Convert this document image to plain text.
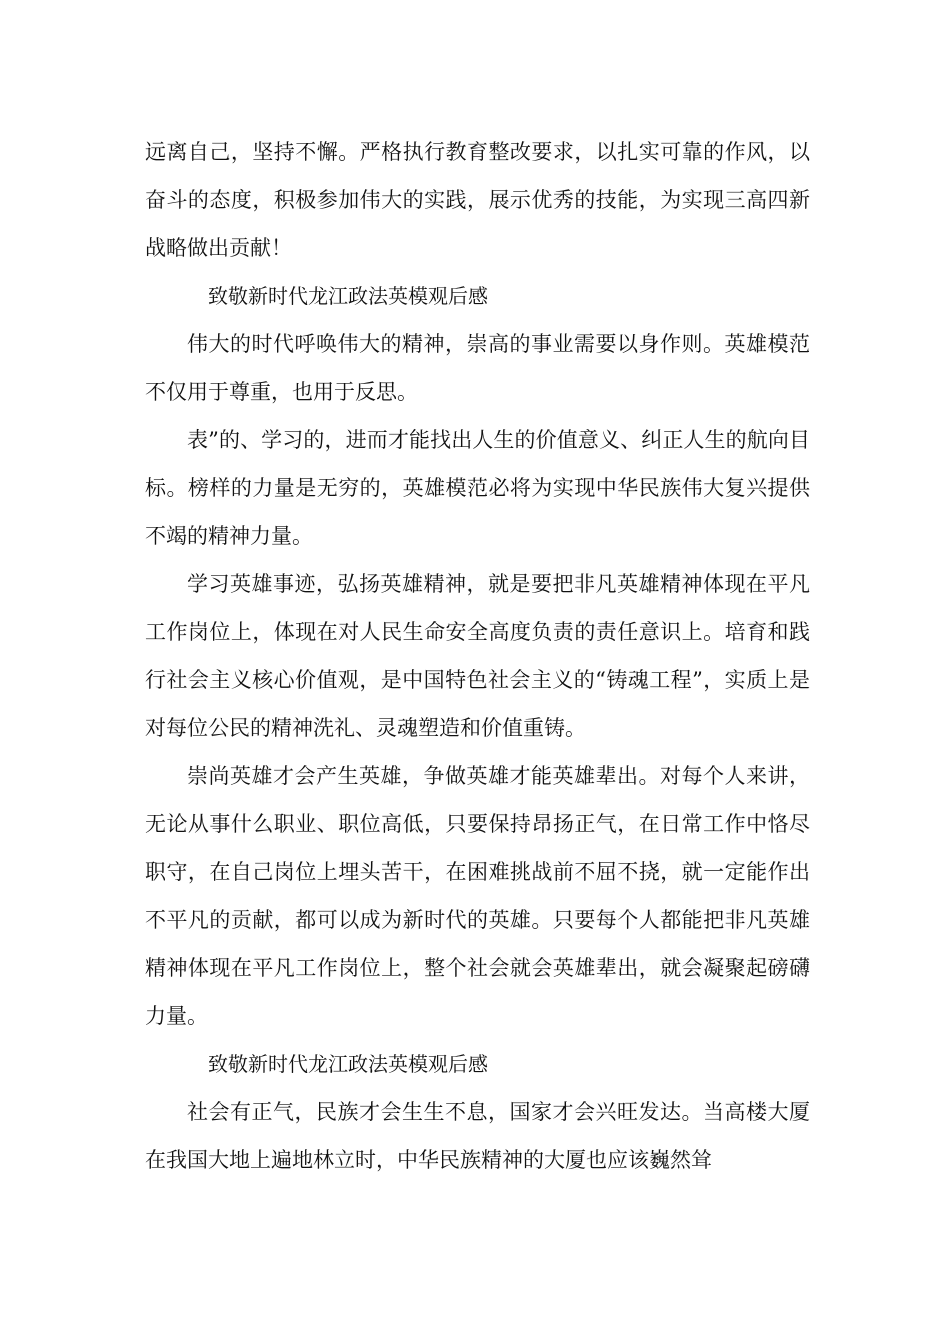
远离自己，坚持不懈。严格执行教育整改要求，以扎实可靠的作风，以奋斗的态度，积极参加伟大的实践，展示优秀的技能，为实现三高四新战略做出贡献！

致敬新时代龙江政法英模观后感

伟大的时代呼唤伟大的精神，崇高的事业需要以身作则。英雄模范不仅用于尊重，也用于反思。

表”的、学习的，进而才能找出人生的价值意义、纠正人生的航向目标。榜样的力量是无穷的，英雄模范必将为实现中华民族伟大复兴提供不竭的精神力量。

学习英雄事迹，弘扬英雄精神，就是要把非凡英雄精神体现在平凡工作岗位上，体现在对人民生命安全高度负责的责任意识上。培育和践行社会主义核心价值观，是中国特色社会主义的“铸魂工程”，实质上是对每位公民的精神洗礼、灵魂塑造和价值重铸。

崇尚英雄才会产生英雄，争做英雄才能英雄辈出。对每个人来讲，无论从事什么职业、职位高低，只要保持昂扬正气，在日常工作中恪尽职守，在自己岗位上埋头苦干，在困难挑战前不屈不挠，就一定能作出不平凡的贡献，都可以成为新时代的英雄。只要每个人都能把非凡英雄精神体现在平凡工作岗位上，整个社会就会英雄辈出，就会凝聚起磅礴力量。

致敬新时代龙江政法英模观后感

社会有正气，民族才会生生不息，国家才会兴旺发达。当高楼大厦在我国大地上遍地林立时，中华民族精神的大厦也应该巍然耸
